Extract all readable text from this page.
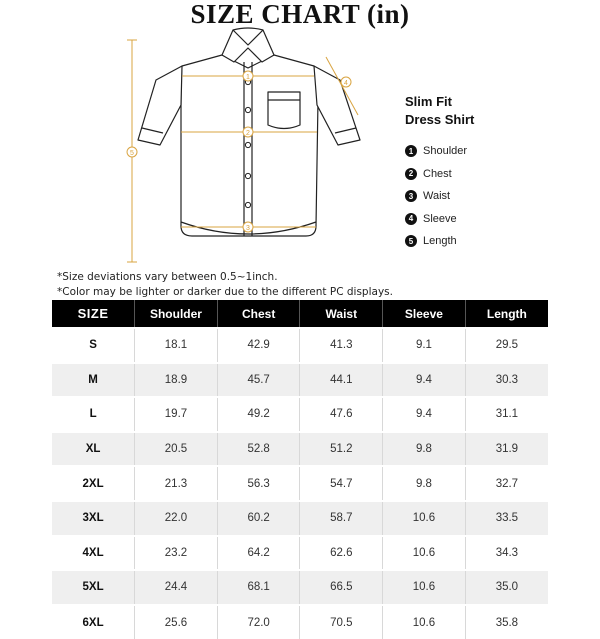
SIZE CHART (in)
1
2
3
4
5
Slim Fit
Dress Shirt
1 Shoulder
2 Chest
3 Waist
4 Sleeve
5 Length
*Size deviations vary between 0.5~1inch.
*Color may be lighter or darker due to the different PC displays.
SIZE	Shoulder	Chest	Waist	Sleeve	Length
S	18.1	42.9	41.3	9.1	29.5
M	18.9	45.7	44.1	9.4	30.3
L	19.7	49.2	47.6	9.4	31.1
XL	20.5	52.8	51.2	9.8	31.9
2XL	21.3	56.3	54.7	9.8	32.7
3XL	22.0	60.2	58.7	10.6	33.5
4XL	23.2	64.2	62.6	10.6	34.3
5XL	24.4	68.1	66.5	10.6	35.0
6XL	25.6	72.0	70.5	10.6	35.8
